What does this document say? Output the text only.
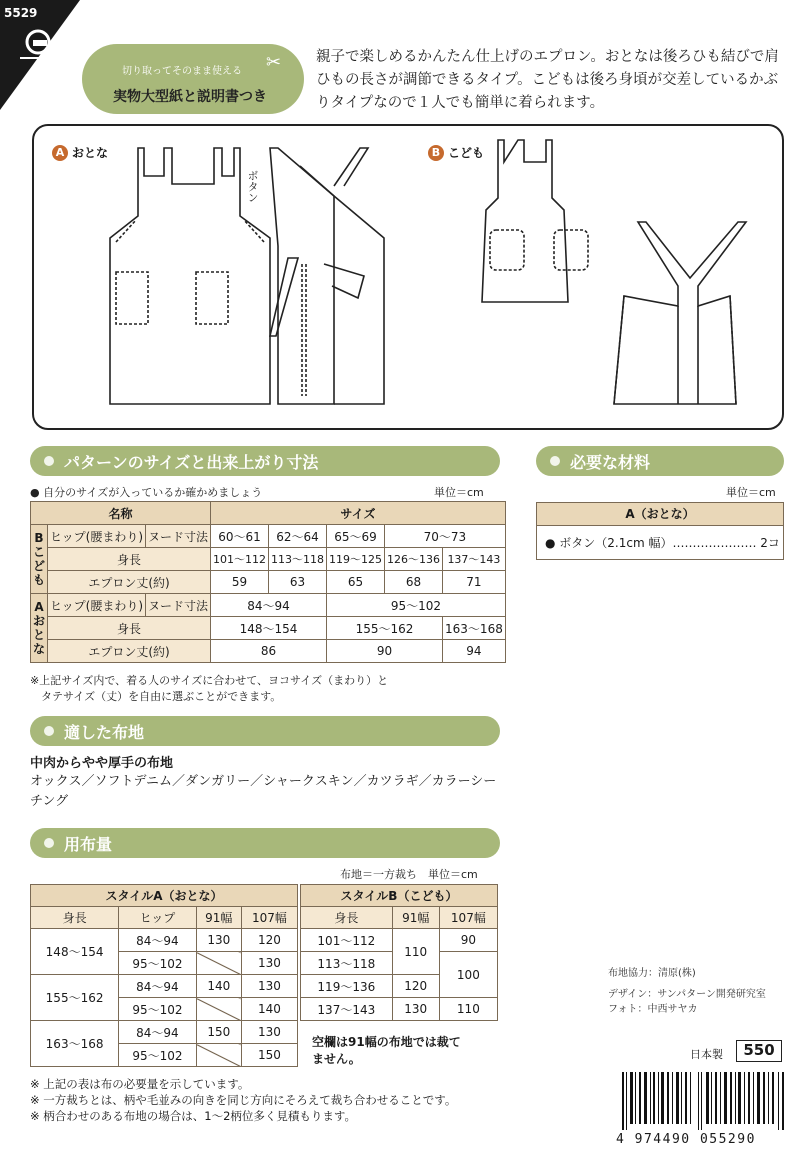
5529
切り取ってそのまま使える
実物大型紙と説明書つき
✂ 親子で楽しめるかんたん仕上げのエプロン。おとなは後ろひも結びで肩ひもの長さが調節できるタイプ。こどもは後ろ身頃が交差しているかぶりタイプなので１人でも簡単に着られます。
A おとな	B こども
ボタン
パターンのサイズと出来上がり寸法
● 自分のサイズが入っているか確かめましょう	単位＝cm
名称			サイズ				
Bこども	ヒップ(腰まわり)	ヌード寸法	60〜61	62〜64	65〜69	70〜73	
	身長		101〜112	113〜118	119〜125	126〜136	137〜143
	エプロン丈(約)		59	63	65	68	71
Aおとな	ヒップ(腰まわり)	ヌード寸法	84〜94		95〜102		
	身長		148〜154		155〜162		163〜168
	エプロン丈(約)		86		90		94
※上記サイズ内で、着る人のサイズに合わせて、ヨコサイズ（まわり）と
　タテサイズ（丈）を自由に選ぶことができます。
必要な材料
単位＝cm
A（おとな）
● ボタン（2.1cm 幅）………………… 2コ
適した布地
中肉からやや厚手の布地
オックス／ソフトデニム／ダンガリー／シャークスキン／カツラギ／カラーシーチング
用布量
布地＝一方裁ち　単位＝cm
スタイルA（おとな）			
身長	ヒップ	91幅	107幅
148〜154	84〜94	130	120
	95〜102		130
155〜162	84〜94	140	130
	95〜102		140
163〜168	84〜94	150	130
	95〜102		150
スタイルB（こども）		
身長	91幅	107幅
101〜112	110	90
113〜118		100
119〜136	120	
137〜143	130	110
空欄は91幅の布地では裁てません。
※ 上記の表は布の必要量を示しています。
※ 一方裁ちとは、柄や毛並みの向きを同じ方向にそろえて裁ち合わせることです。
※ 柄合わせのある布地の場合は、1〜2柄位多く見積もります。
布地協力：清原(株)
デザイン：サンパターン開発研究室
フォト：中西サヤカ
日本製	550
4 974490 055290
